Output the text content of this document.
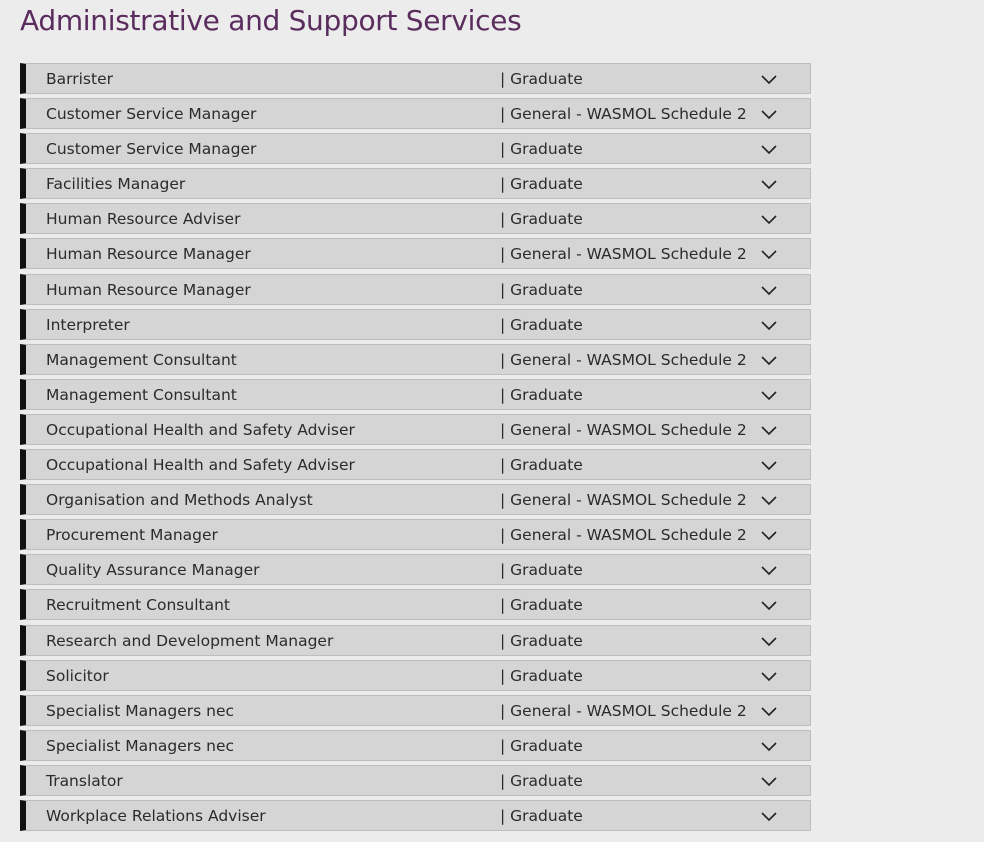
Administrative and Support Services
Barrister	| Graduate
Customer Service Manager	| General - WASMOL Schedule 2
Customer Service Manager	| Graduate
Facilities Manager	| Graduate
Human Resource Adviser	| Graduate
Human Resource Manager	| General - WASMOL Schedule 2
Human Resource Manager	| Graduate
Interpreter	| Graduate
Management Consultant	| General - WASMOL Schedule 2
Management Consultant	| Graduate
Occupational Health and Safety Adviser	| General - WASMOL Schedule 2
Occupational Health and Safety Adviser	| Graduate
Organisation and Methods Analyst	| General - WASMOL Schedule 2
Procurement Manager	| General - WASMOL Schedule 2
Quality Assurance Manager	| Graduate
Recruitment Consultant	| Graduate
Research and Development Manager	| Graduate
Solicitor	| Graduate
Specialist Managers nec	| General - WASMOL Schedule 2
Specialist Managers nec	| Graduate
Translator	| Graduate
Workplace Relations Adviser	| Graduate
